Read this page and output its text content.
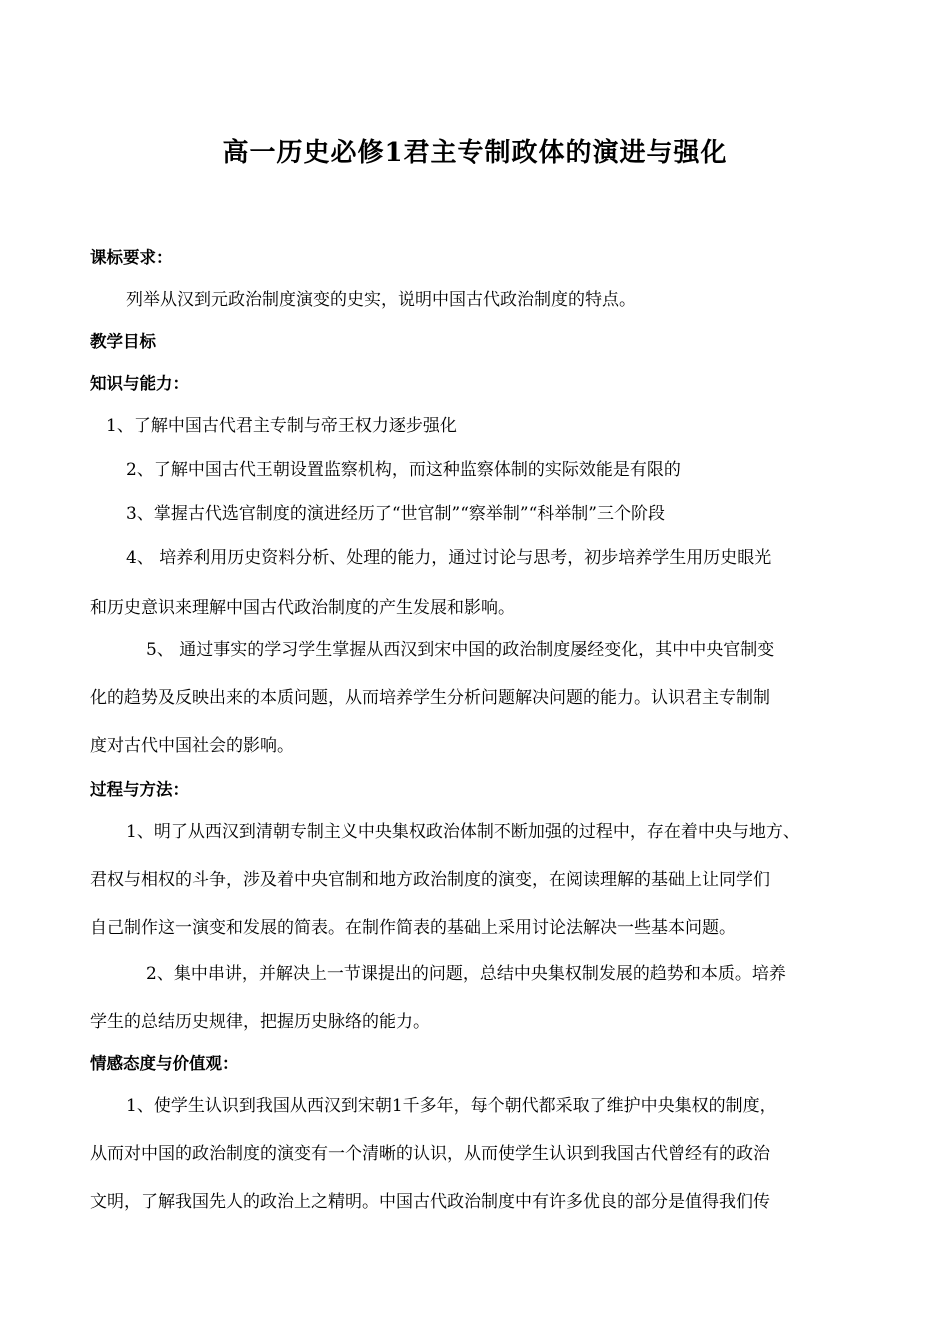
高一历史必修1君主专制政体的演进与强化
课标要求：
列举从汉到元政治制度演变的史实，说明中国古代政治制度的特点。
教学目标
知识与能力：
1、了解中国古代君主专制与帝王权力逐步强化
2、了解中国古代王朝设置监察机构，而这种监察体制的实际效能是有限的
3、掌握古代选官制度的演进经历了“世官制”“察举制”“科举制”三个阶段
4、 培养利用历史资料分析、处理的能力，通过讨论与思考，初步培养学生用历史眼光
和历史意识来理解中国古代政治制度的产生发展和影响。
5、 通过事实的学习学生掌握从西汉到宋中国的政治制度屡经变化，其中中央官制变
化的趋势及反映出来的本质问题，从而培养学生分析问题解决问题的能力。认识君主专制制
度对古代中国社会的影响。
过程与方法：
1、明了从西汉到清朝专制主义中央集权政治体制不断加强的过程中，存在着中央与地方、
君权与相权的斗争，涉及着中央官制和地方政治制度的演变，在阅读理解的基础上让同学们
自己制作这一演变和发展的简表。在制作简表的基础上采用讨论法解决一些基本问题。
2、集中串讲，并解决上一节课提出的问题，总结中央集权制发展的趋势和本质。培养
学生的总结历史规律，把握历史脉络的能力。
情感态度与价值观：
1、使学生认识到我国从西汉到宋朝1千多年，每个朝代都采取了维护中央集权的制度，
从而对中国的政治制度的演变有一个清晰的认识，从而使学生认识到我国古代曾经有的政治
文明，了解我国先人的政治上之精明。中国古代政治制度中有许多优良的部分是值得我们传
